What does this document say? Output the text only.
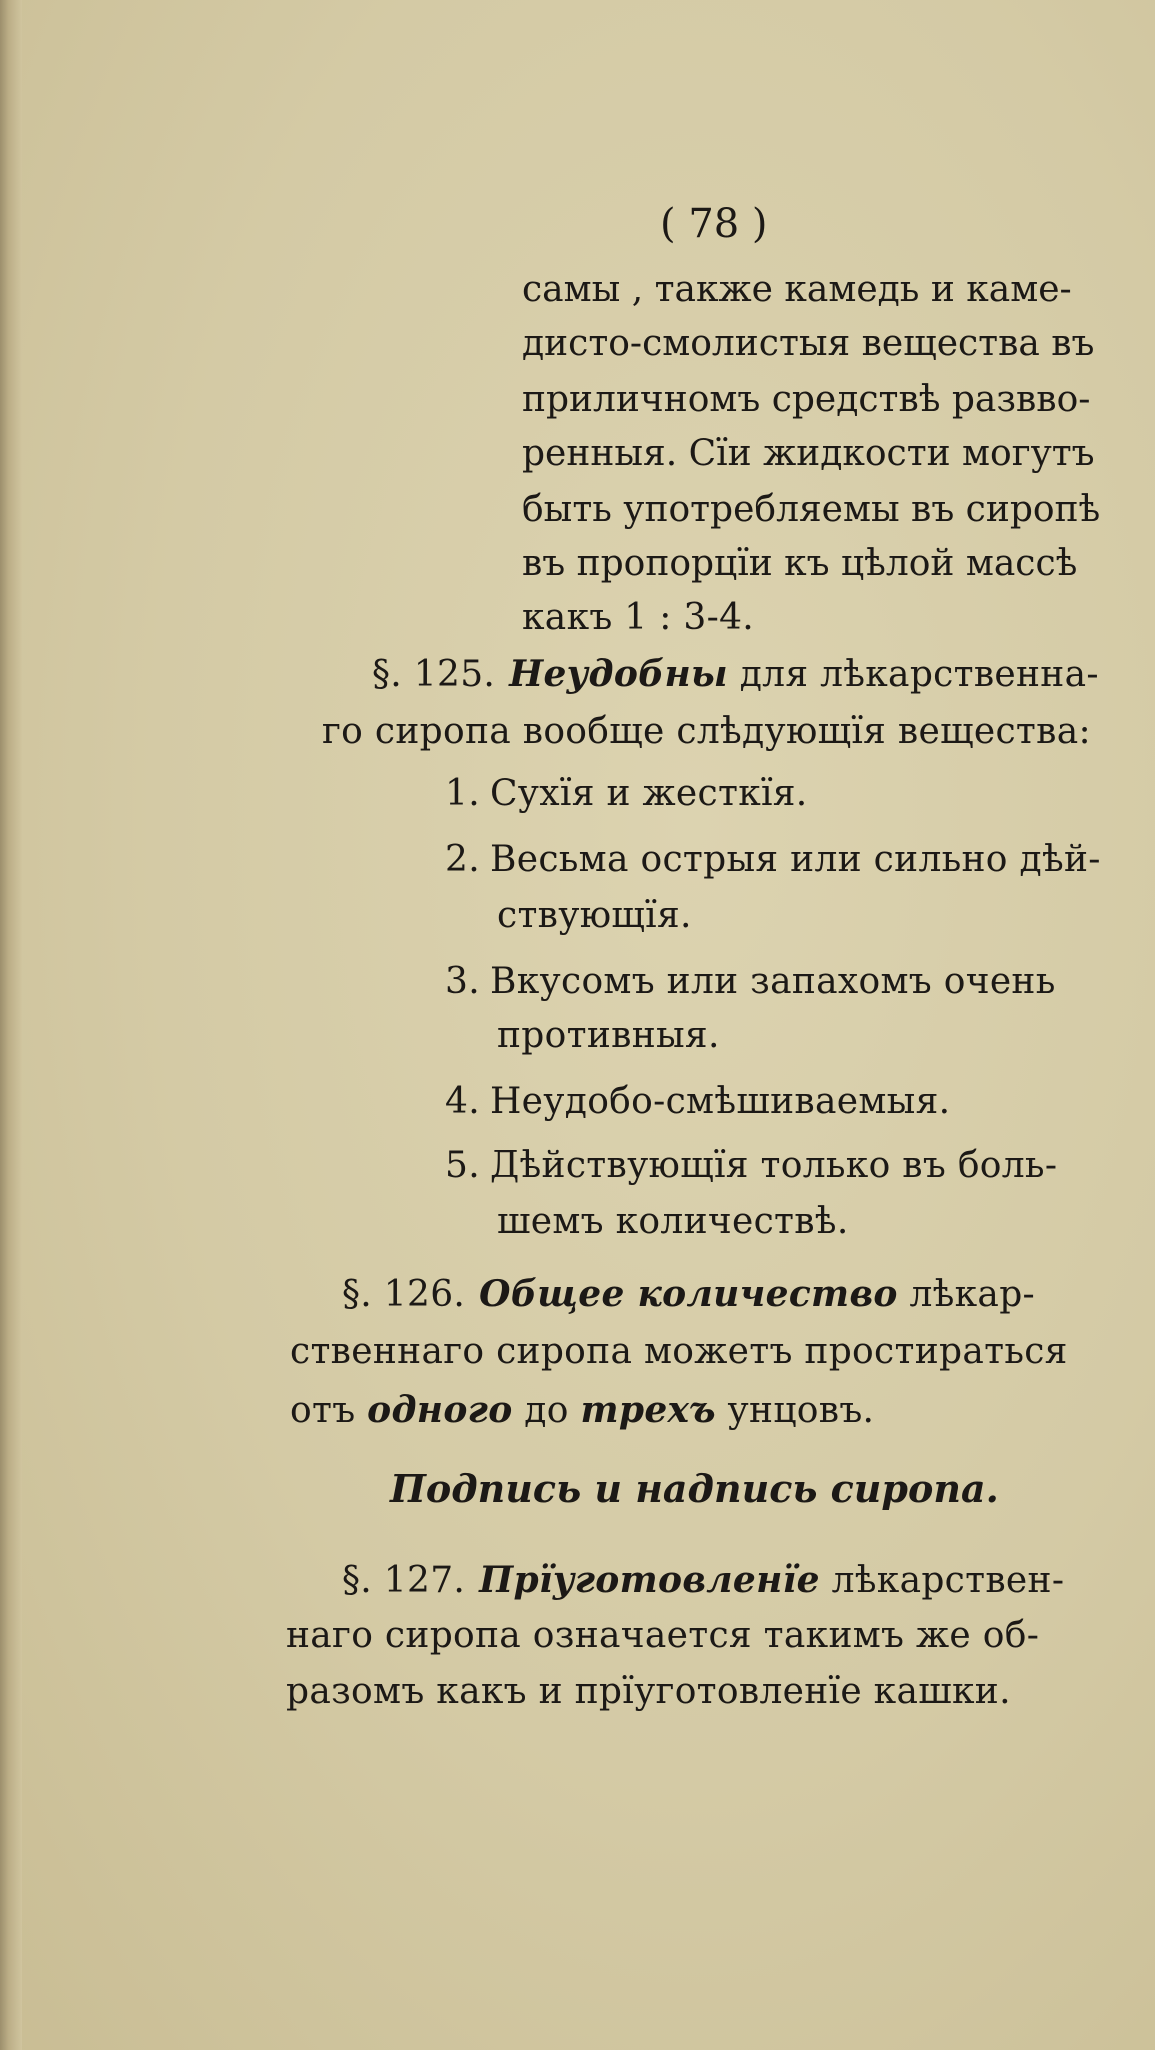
( 78 )
самы , также камедь и каме-
дисто-смолистыя вещества въ
приличномъ средствѣ развво-
ренныя. Сїи жидкости могутъ
быть употребляемы въ сиропѣ
въ пропорцїи къ цѣлой массѣ
какъ 1 : 3-4.
§. 125. Неудобны для лѣкарственна-
го сиропа вообще слѣдующїя вещества:
1. Сухїя и жесткїя.
2. Весьма острыя или сильно дѣй-
ствующїя.
3. Вкусомъ или запахомъ очень
противныя.
4. Неудобо-смѣшиваемыя.
5. Дѣйствующїя только въ боль-
шемъ количествѣ.
§. 126. Общее количество лѣкар-
ственнаго сиропа можетъ простираться
отъ одного до трехъ унцовъ.
Подпись и надпись сиропа.
§. 127. Прїуготовленїе лѣкарствен-
наго сиропа означается такимъ же об-
разомъ какъ и прїуготовленїе кашки.
